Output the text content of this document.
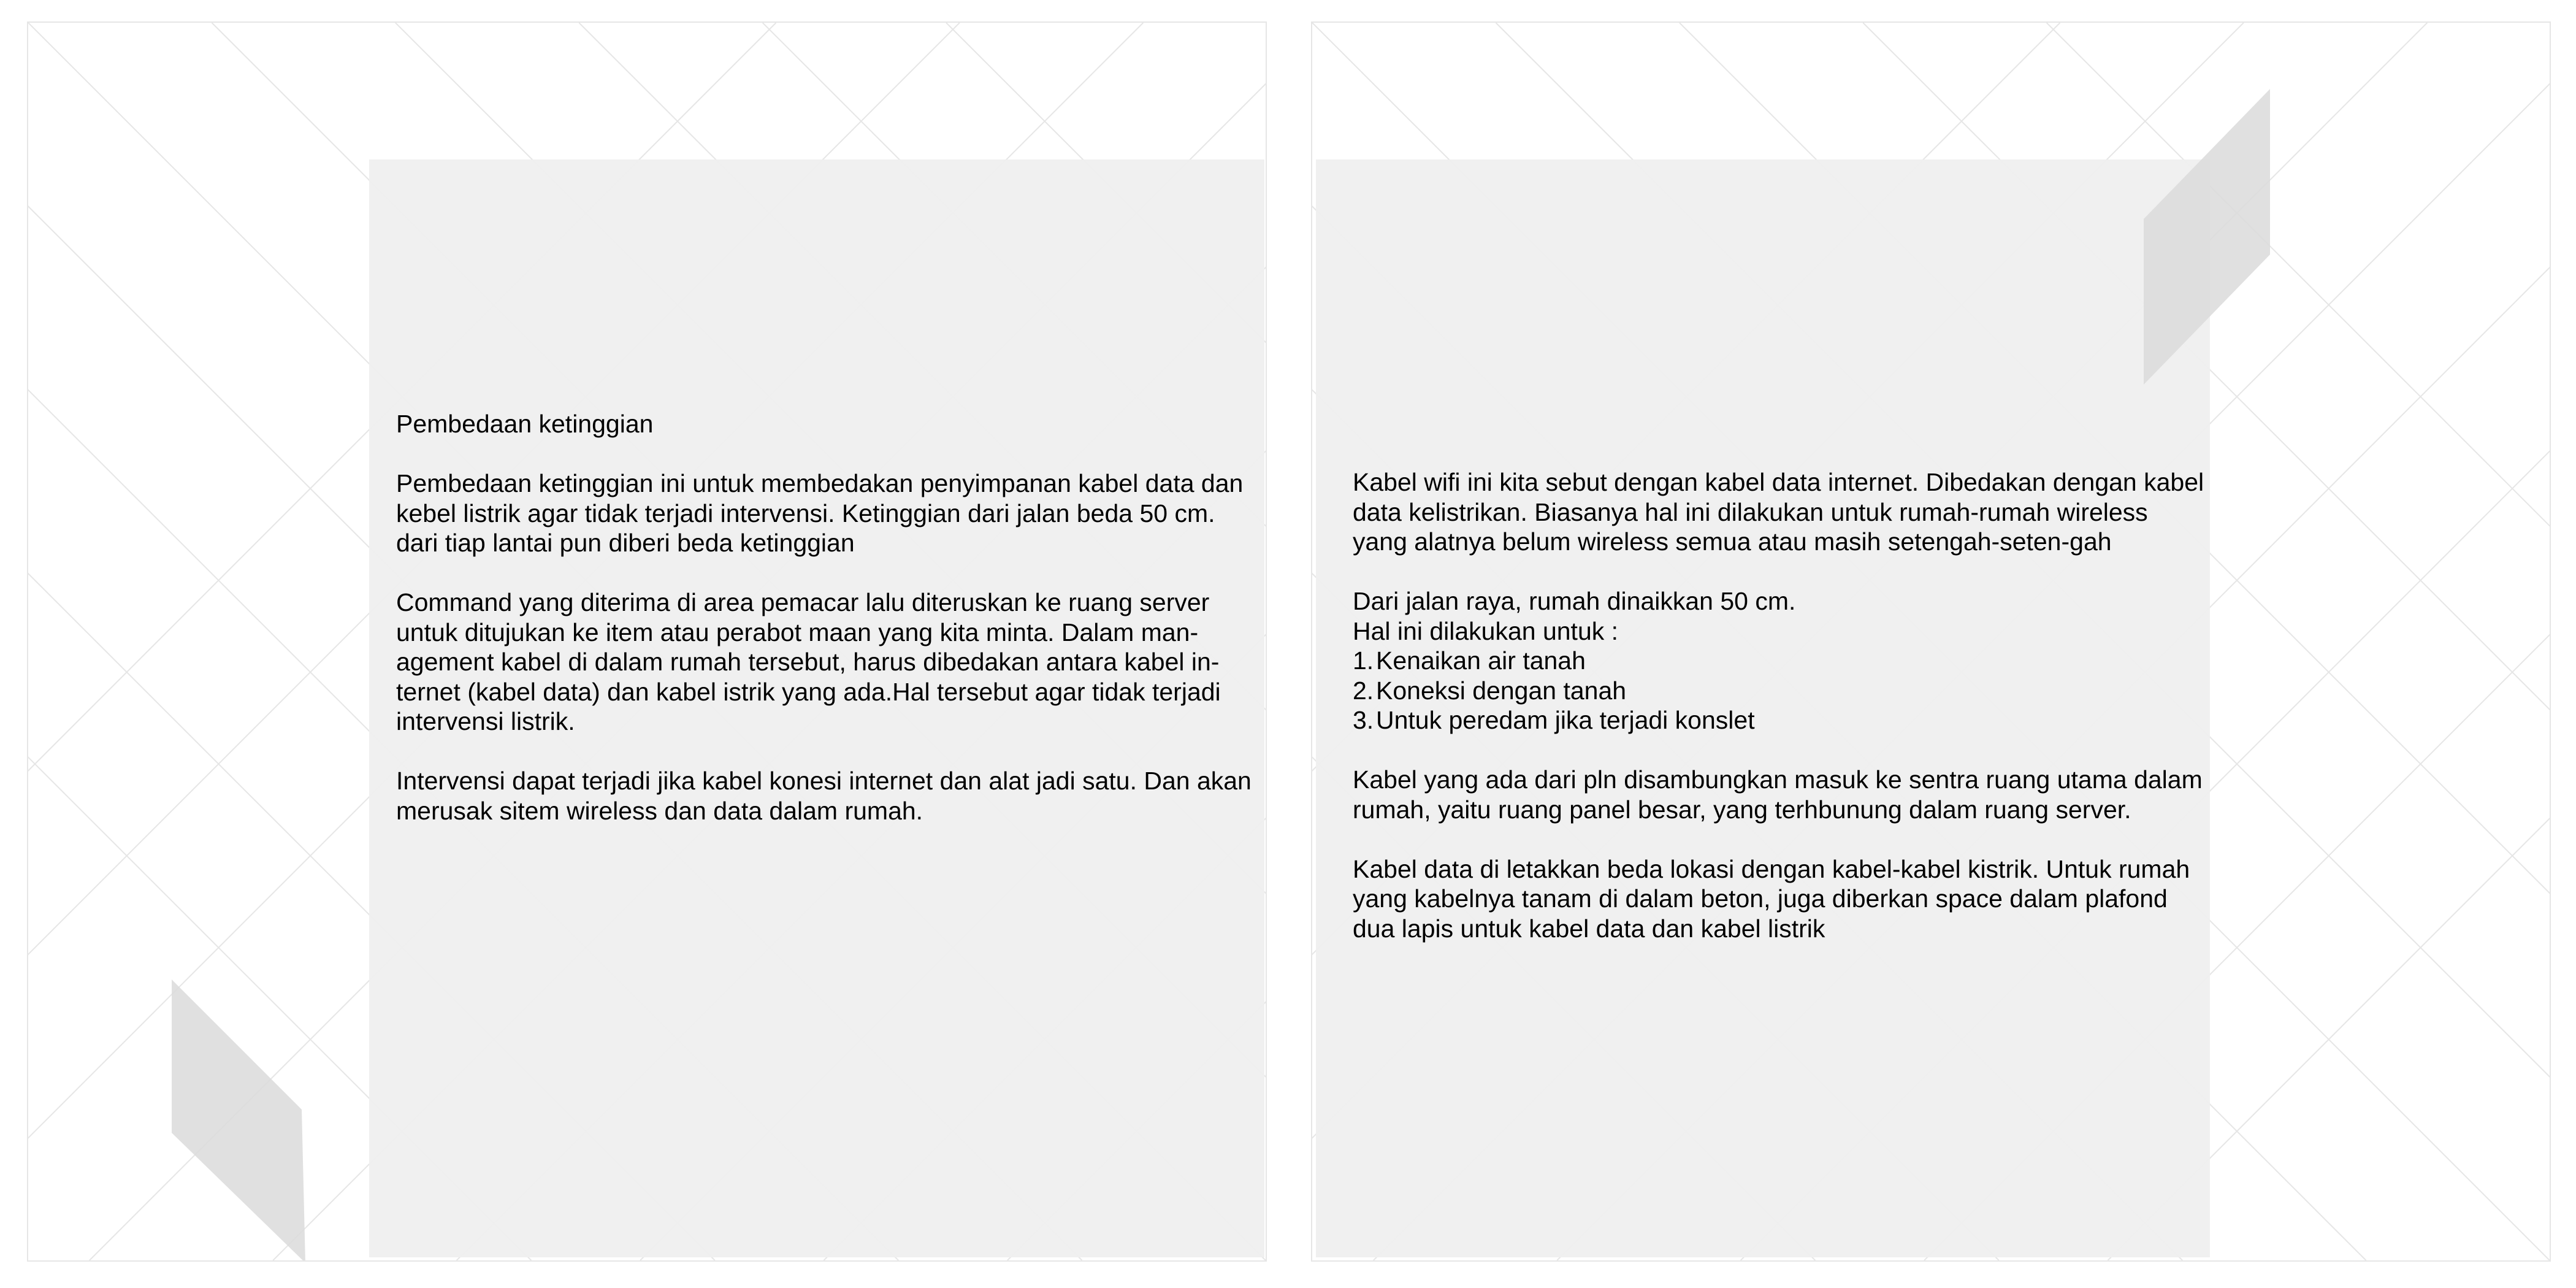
Pembedaan ketinggian

Pembedaan ketinggian ini untuk membedakan penyimpanan kabel data dan kebel listrik agar tidak terjadi intervensi. Ketinggian dari jalan beda 50 cm. dari tiap lantai pun diberi beda ketinggian

Command yang diterima di area pemacar lalu diteruskan ke ruang server untuk ditujukan ke item atau perabot maan yang kita minta. Dalam man-agement kabel di dalam rumah tersebut, harus dibedakan antara kabel in-ternet (kabel data) dan kabel istrik yang ada.Hal tersebut agar tidak terjadi intervensi listrik.

Intervensi dapat terjadi jika kabel konesi internet dan alat jadi satu. Dan akan merusak sitem wireless dan data dalam rumah.

Kabel wifi ini kita sebut dengan kabel data internet. Dibedakan dengan kabel data kelistrikan. Biasanya hal ini dilakukan untuk rumah-rumah wireless yang alatnya belum wireless semua atau masih setengah-seten-gah

Dari jalan raya, rumah dinaikkan 50 cm.

Hal ini dilakukan untuk :

1. Kenaikan air tanah
2. Koneksi dengan tanah
3. Untuk peredam jika terjadi konslet

Kabel yang ada dari pln disambungkan masuk ke sentra ruang utama dalam rumah, yaitu ruang panel besar, yang terhbunung dalam ruang server.

Kabel data di letakkan beda lokasi dengan kabel-kabel kistrik. Untuk rumah yang kabelnya tanam di dalam beton, juga diberkan space dalam plafond dua lapis untuk kabel data dan kabel listrik
